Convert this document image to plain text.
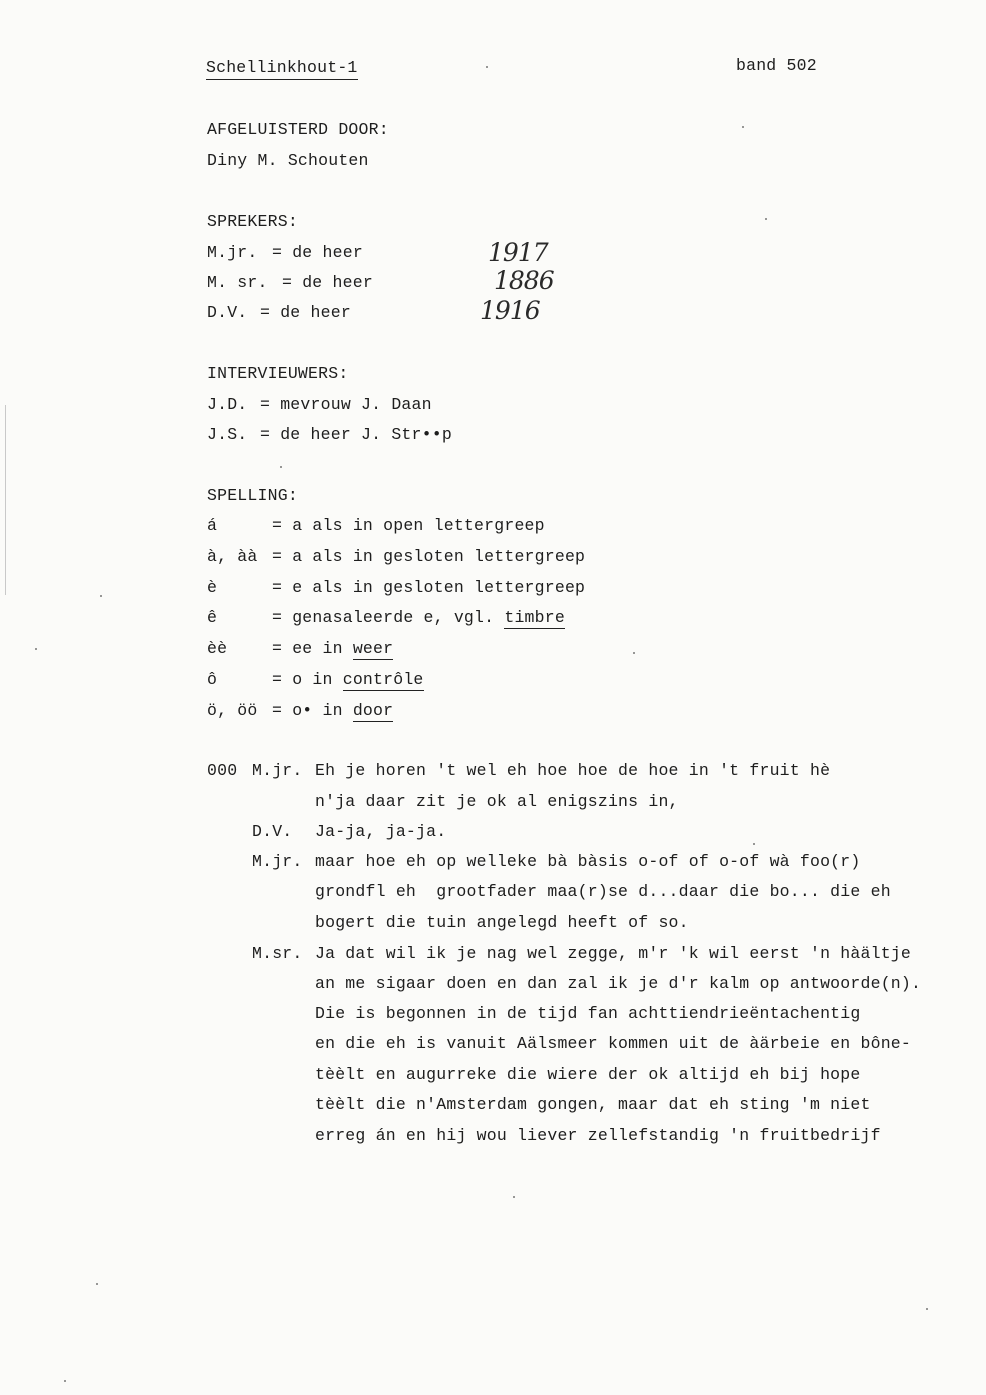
Schellinkhout-1	band 502
AFGELUISTERD DOOR:
Diny M. Schouten
SPREKERS:
M.jr. = de heer	1917
M. sr. = de heer	1886
D.V. = de heer	1916
INTERVIEUWERS:
J.D. = mevrouw J. Daan
J.S. = de heer J. Str••p
SPELLING:
á	= a als in open lettergreep
à, àà = a als in gesloten lettergreep
è	= e als in gesloten lettergreep
ê	= genasaleerde e, vgl. timbre
èè	= ee in weer
ô	= o in contrôle
ö, öö = o• in door
000 M.jr. Eh je horen 't wel eh hoe hoe de hoe in 't fruit hè
n'ja daar zit je ok al enigszins in,
D.V. Ja-ja, ja-ja.
M.jr. maar hoe eh op welleke bà bàsis o-of of o-of wà foo(r)
grondfl eh  grootfader maa(r)se d...daar die bo... die eh
bogert die tuin angelegd heeft of so.
M.sr. Ja dat wil ik je nag wel zegge, m'r 'k wil eerst 'n hàältje
an me sigaar doen en dan zal ik je d'r kalm op antwoorde(n).
Die is begonnen in de tijd fan achttiendrieëntachentig
en die eh is vanuit Aälsmeer kommen uit de àärbeie en bône-
tèèlt en augurreke die wiere der ok altijd eh bij hope
tèèlt die n'Amsterdam gongen, maar dat eh sting 'm niet
erreg án en hij wou liever zellefstandig 'n fruitbedrijf
